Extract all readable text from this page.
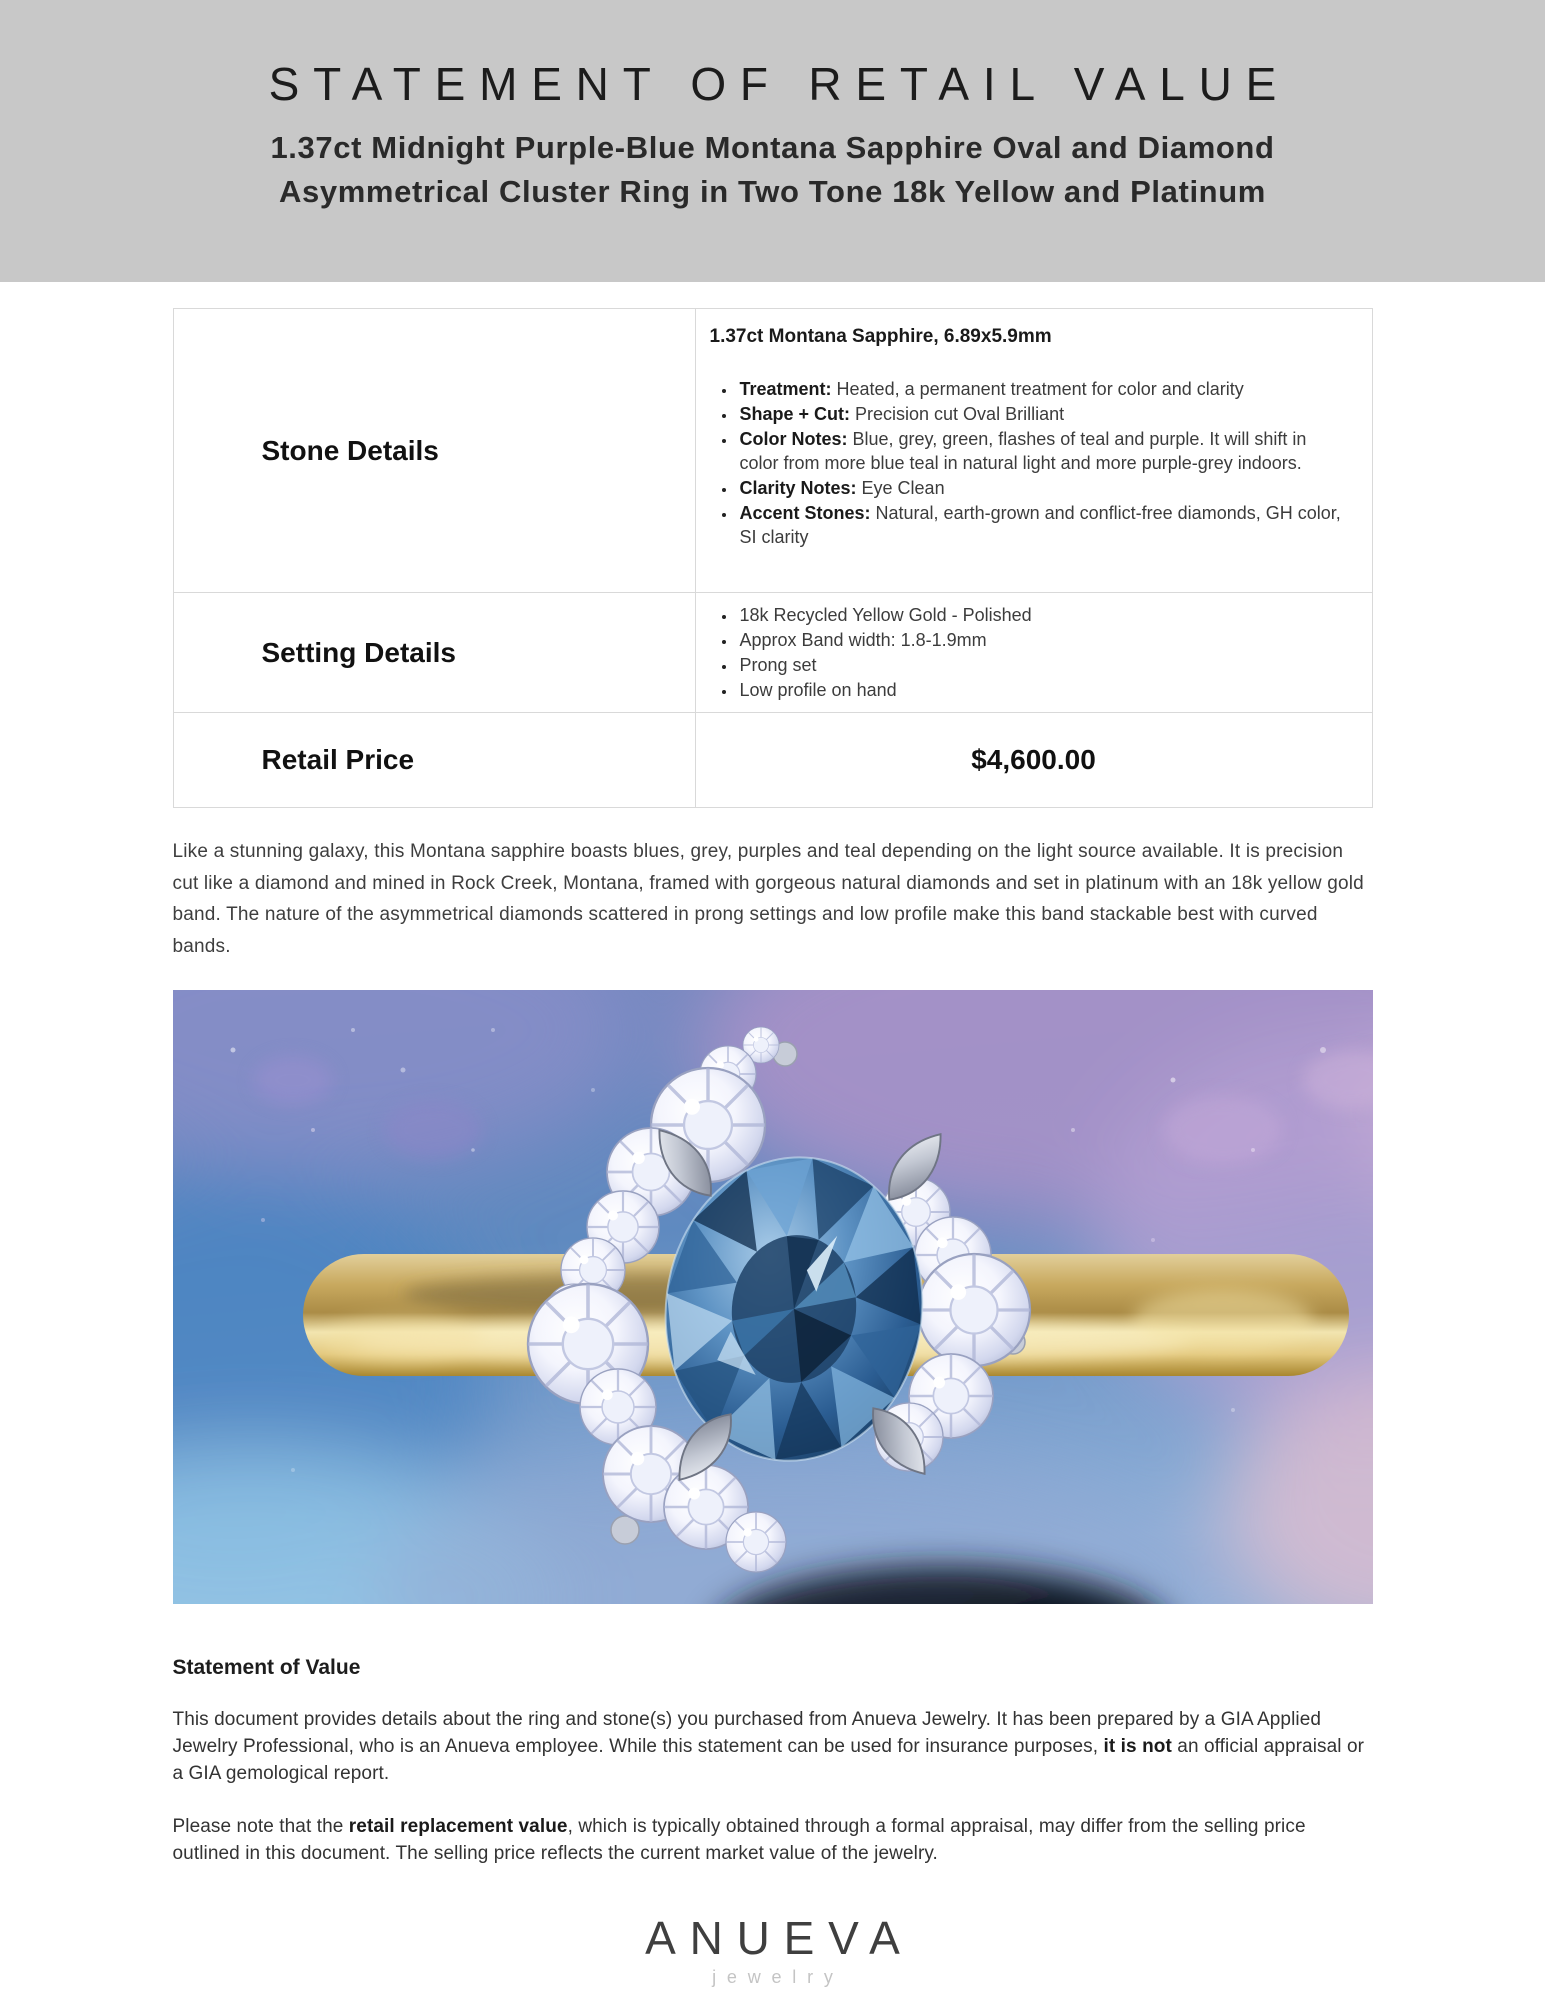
STATEMENT OF RETAIL VALUE
1.37ct Midnight Purple-Blue Montana Sapphire Oval and Diamond
Asymmetrical Cluster Ring in Two Tone 18k Yellow and Platinum
Stone Details	
1.37ct Montana Sapphire, 6.89x5.9mm
• Treatment: Heated, a permanent treatment for color and clarity
• Shape + Cut: Precision cut Oval Brilliant
• Color Notes: Blue, grey, green, flashes of teal and purple. It will shift in color from more blue teal in natural light and more purple-grey indoors.
• Clarity Notes: Eye Clean
• Accent Stones: Natural, earth-grown and conflict-free diamonds, GH color, SI clarity

Setting Details	
• 18k Recycled Yellow Gold - Polished
• Approx Band width: 1.8-1.9mm
• Prong set
• Low profile on hand

Retail Price	$4,600.00

Like a stunning galaxy, this Montana sapphire boasts blues, grey, purples and teal depending on the light source available. It is precision cut like a diamond and mined in Rock Creek, Montana, framed with gorgeous natural diamonds and set in platinum with an 18k yellow gold band. The nature of the asymmetrical diamonds scattered in prong settings and low profile make this band stackable best with curved bands.

Statement of Value

This document provides details about the ring and stone(s) you purchased from Anueva Jewelry. It has been prepared by a GIA Applied Jewelry Professional, who is an Anueva employee. While this statement can be used for insurance purposes, it is not an official appraisal or a GIA gemological report.

Please note that the retail replacement value, which is typically obtained through a formal appraisal, may differ from the selling price outlined in this document. The selling price reflects the current market value of the jewelry.

ANUEVA
jewelry
